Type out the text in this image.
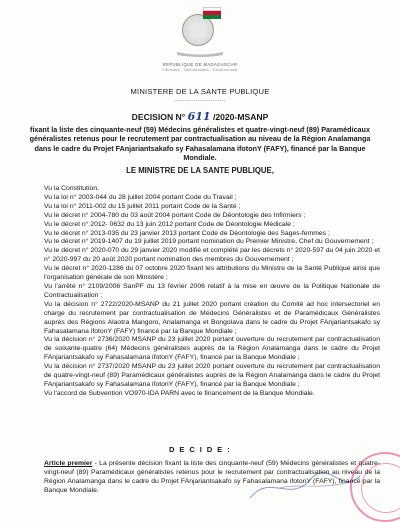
REPUBLIQUE DE MADAGASCAR
Fitiavana - Tanindrazana - Fandrosoana
MINISTERE DE LA SANTE PUBLIQUE
------------------------
DECISION N° 611 /2020-MSANP
fixant la liste des cinquante-neuf (59) Médecins généralistes et quatre-vingt-neuf (89) Paramédicaux généralistes retenus pour le recrutement par contractualisation au niveau de la Région Analamanga dans le cadre du Projet FAnjariantsakafo sy Fahasalamana ifotonY (FAFY), financé par la Banque Mondiale.
LE MINISTRE DE LA SANTE PUBLIQUE,

Vu la Constitution,

Vu la loi n° 2003-044 du 28 juillet 2004 portant Code du Travail ;

Vu la loi n° 2011-002 du 15 juillet 2011 portant Code de la Santé ;

Vu le décret n° 2004-780 du 03 août 2004 portant Code de Déontologie des Infirmiers ;

Vu le décret n° 2012- 0632 du 13 juin 2012 portant Code de Déontologie Médicale ;

Vu le décret n° 2013-035 du 23 janvier 2013 portant Code de Déontologie des Sages-femmes ;

Vu le décret n° 2019-1407 du 19 juillet 2019 portant nomination du Premier Ministre, Chef du Gouvernement ;

Vu le décret n° 2020-070 du 29 janvier 2020 modifié et complété par les décrets n° 2020-597 du 04 juin 2020 et n° 2020-997 du 20 août 2020 portant nomination des membres du Gouvernement ;

Vu le décret n° 2020-1286 du 07 octobre 2020 fixant les attributions du Ministre de la Santé Publique ainsi que l'organisation générale de son Ministère ;

Vu l'arrêté n° 2109/2006 SanPF du 13 février 2006 relatif à la mise en œuvre de la Politique Nationale de Contractualisation ;

Vu la décision n° 2722/2020-MSANP du 21 juillet 2020 portant création du Comité ad hoc intersectoriel en charge du recrutement par contractualisation de Médecins Généralistes et de Paramédicaux Généralistes auprès des Régions Alaotra Mangoro, Analamanga et Bongolava dans le cadre du Projet FAnjariantsakafo sy Fahasalamana ifotonY (FAFY) financé par la Banque Mondiale ;

Vu la décision n° 2736/2020 MSANP du 23 juillet 2020 portant ouverture du recrutement par contractualisation de soixante-quatre (64) Médecins généralistes auprès de la Région Analamanga dans le cadre du Projet FAnjariantsakafo sy Fahasalamana ifotonY (FAFY), financé par la Banque Mondiale ;

Vu la décision n° 2737/2020 MSANP du 23 juillet 2020 portant ouverture du recrutement par contractualisation de quatre-vingt-neuf (89) Paramédicaux généralistes auprès de la Région Analamanga dans le cadre du Projet FAnjariantsakafo sy Fahasalamana ifotonY (FAFY), financé par la Banque Mondiale ;

Vu l'accord de Subvention VO970-IDA PARN avec le financement de la Banque Mondiale.

D E C I D E :
Article premier - La présente décision fixant la liste des cinquante-neuf (59) Médecins généralistes et quatre-vingt-neuf (89) Paramédicaux généralistes retenus pour le recrutement par contractualisation au niveau de la Région Analamanga dans le cadre du Projet FAnjariantsakafo sy Fahasalamana ifotonY (FAFY), financé par la Banque Mondiale.
